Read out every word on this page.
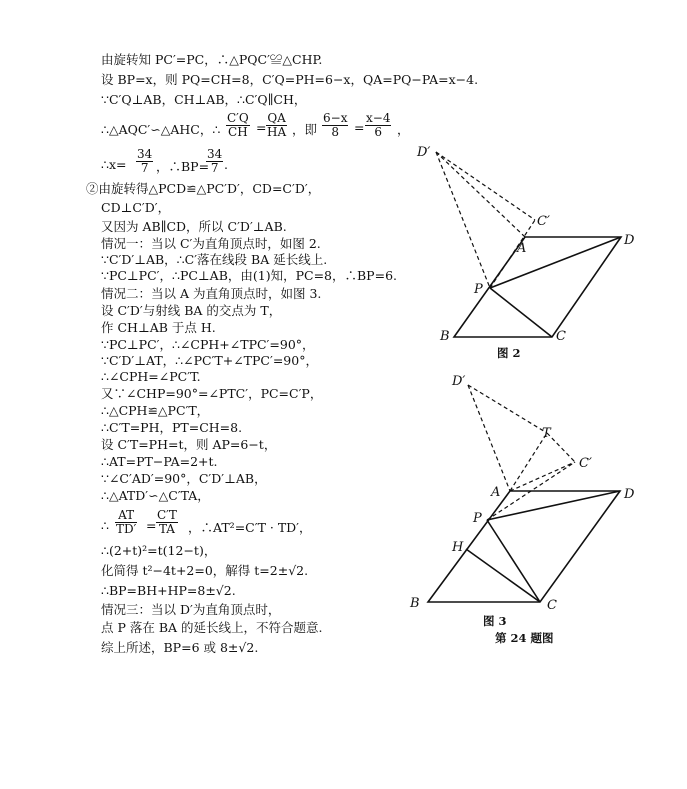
由旋转知 PC′=PC，∴△PQC′≌△CHP.
设 BP=x，则 PQ=CH=8，C′Q=PH=6−x，QA=PQ−PA=x−4.
∵C′Q⊥AB，CH⊥AB，∴C′Q∥CH，
∴△AQC′∽△AHC，∴ $\frac{C'Q}{CH} = \frac{QA}{HA}$ ，即 $\frac{6-x}{8} = \frac{x-4}{6}$ ，
∴x= $\frac{34}{7}$ ，∴BP=
$\frac{34}{7}$ .
②由旋转得△PCD≌△PC′D′，CD=C′D′，
CD⊥C′D′，
又因为 AB∥CD，所以 C′D′⊥AB.
情况一：当以 C′为直角顶点时，如图 2.
∵C′D′⊥AB，∴C′落在线段 BA 延长线上.
∵PC⊥PC′，∴PC⊥AB，由(1)知，PC=8，∴BP=6.
情况二：当以 A 为直角顶点时，如图 3.
设 C′D′与射线 BA 的交点为 T，
作 CH⊥AB 于点 H.
∵PC⊥PC′，∴∠CPH+∠TPC′=90°，
∵C′D′⊥AT，∴∠PC′T+∠TPC′=90°，
∴∠CPH=∠PC′T.
又∵∠CHP=90°=∠PTC′，PC=C′P，
∴△CPH≌△PC′T，
∴C′T=PH，PT=CH=8.
设 C′T=PH=t，则 AP=6−t，
∴AT=PT−PA=2+t.
∵∠C′AD′=90°，C′D′⊥AB，
∴△ATD′∽△C′TA，
∴ $\frac{AT}{TD'} = \frac{C'T}{TA}$ ，∴AT²=C′T · TD′，
∴(2+t)²=t(12−t)，
化简得 t²−4t+2=0，解得 t=2±√2.
∴BP=BH+HP=8±√2.
情况三：当以 D′为直角顶点时，
点 P 落在 BA 的延长线上，不符合题意.
综上所述，BP=6 或 8±√2.
D′
C′
A
D
P
B	C
图 2
D′
T
C′
A	D
P
H
B	C
图 3
第 24 题图
